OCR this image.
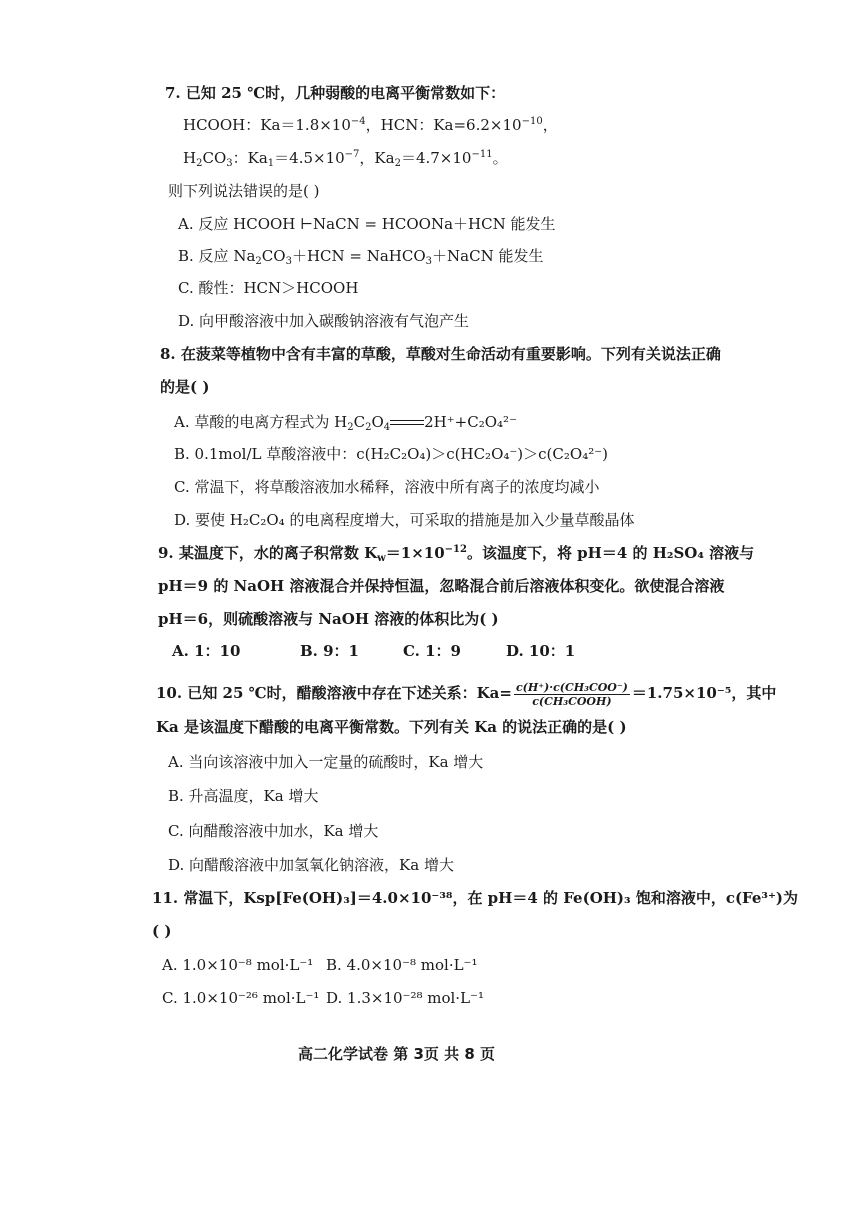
7. 已知 25 ℃时，几种弱酸的电离平衡常数如下：
HCOOH：$Ka=1.8\times 10^{-4}$，HCN：$Ka=6.2\times 10^{-10}$，
$H_2CO_3$：$Ka_1=4.5\times 10^{-7}$，$Ka_2=4.7\times 10^{-11}$。
则下列说法错误的是( )
A. 反应 HCOOH ⊢NaCN = HCOONa＋HCN 能发生
B. 反应 $Na_2CO_3+HCN$ = NaHCO$_3$＋NaCN 能发生
C. 酸性：HCN＞HCOOH
D. 向甲酸溶液中加入碳酸钠溶液有气泡产生
8. 在菠菜等植物中含有丰富的草酸，草酸对生命活动有重要影响。下列有关说法正确
的是( )
A. 草酸的电离方程式为 $H_2C_2O_4$ 2H⁺+C₂O₄²⁻
B. 0.1mol/L 草酸溶液中：c(H₂C₂O₄)＞c(HC₂O₄⁻)＞c(C₂O₄²⁻)
C. 常温下，将草酸溶液加水稀释，溶液中所有离子的浓度均减小
D. 要使 H₂C₂O₄ 的电离程度增大，可采取的措施是加入少量草酸晶体
9. 某温度下，水的离子积常数 $K_w=1\times 10^{-12}$。该温度下，将 pH＝4 的 H₂SO₄ 溶液与
pH＝9 的 NaOH 溶液混合并保持恒温，忽略混合前后溶液体积变化。欲使混合溶液
pH＝6，则硫酸溶液与 NaOH 溶液的体积比为( )
A. 1：10	B. 9：1	C. 1：9	D. 10：1
10. 已知 25 ℃时，醋酸溶液中存在下述关系：$Ka= \frac{\text{c(H⁺)·c(CH₃COO⁻)}}{\text{c(CH₃COOH)}} =1.75\times 10^{-5}$，其中
Ka 是该温度下醋酸的电离平衡常数。下列有关 Ka 的说法正确的是( )
A. 当向该溶液中加入一定量的硫酸时，Ka 增大
B. 升高温度，Ka 增大
C. 向醋酸溶液中加水，Ka 增大
D. 向醋酸溶液中加氢氧化钠溶液，Ka 增大
11. 常温下，Ksp[Fe(OH)₃]＝4.0×10⁻³⁸，在 pH＝4 的 Fe(OH)₃ 饱和溶液中，c(Fe³⁺)为
( )
A. 1.0×10⁻⁸ mol·L⁻¹ B. 4.0×10⁻⁸ mol·L⁻¹
C. 1.0×10⁻²⁶ mol·L⁻¹ D. 1.3×10⁻²⁸ mol·L⁻¹
高二化学试卷 第 3页 共 8 页
